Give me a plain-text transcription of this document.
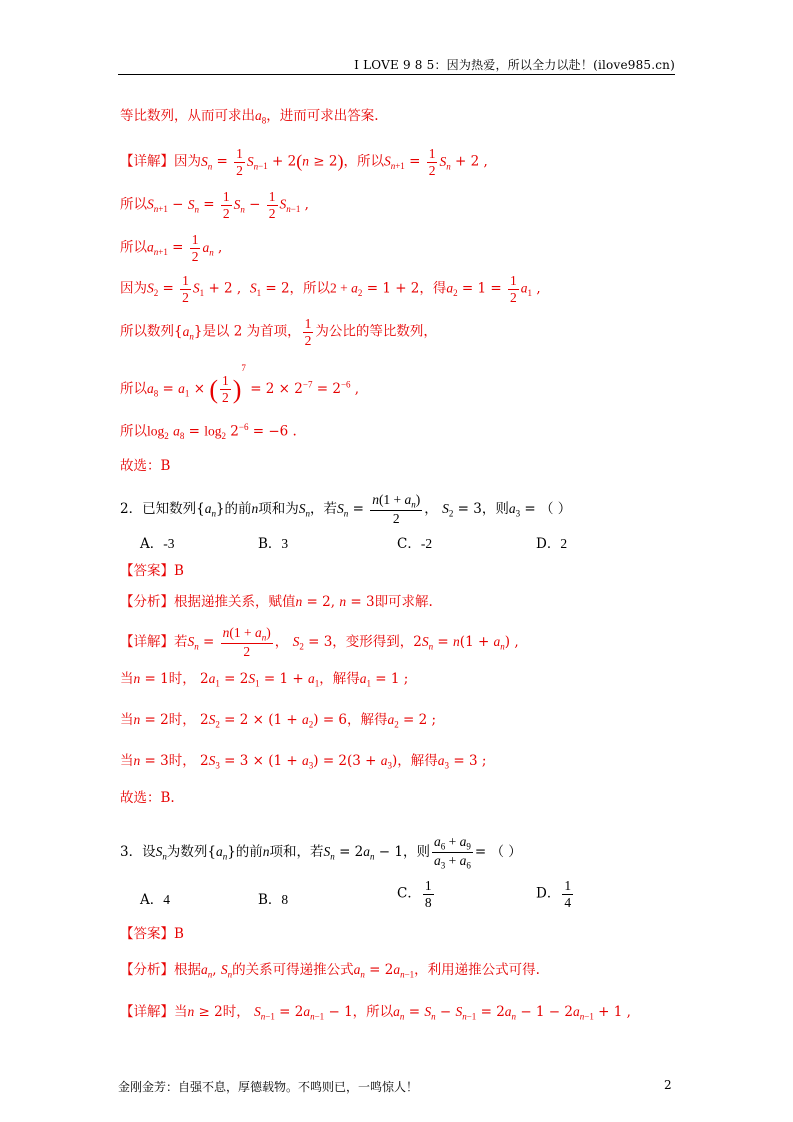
I LOVE 9 8 5：因为热爱，所以全力以赴！(ilove985.cn)
等比数列，从而可求出$a_8$，进而可求出答案.
【详解】因为$S_n = \frac{1}{2} S_{n-1} + 2(n \ge 2)$，所以$S_{n+1} = \frac{1}{2} S_n + 2$ ,
所以$S_{n+1} - S_n = \frac{1}{2} S_n - \frac{1}{2} S_{n-1}$ ,
所以$a_{n+1} = \frac{1}{2} a_n$ ,
因为$S_2 = \frac{1}{2} S_1 + 2$ ,  $S_1 = 2$，所以$2 + a_2 = 1 + 2$，得$a_2 = 1 = \frac{1}{2} a_1$ ,
所以数列$\{a_n\}$是以 2 为首项， $\frac{1}{2}$ 为公比的等比数列，
所以$a_8 = a_1$ × ( $\frac{1}{2} )^7 = 2 \times 2^{-7} = 2^{-6}$ ,
所以$\log_2 a_8 = \log_2 2^{-6} = -6$ .
故选：B
2．已知数列$\{a_n\}$的前n项和为$S_n$，若$S_n = \frac{n(1 + a_n)}{2}$ ， $S_2 = 3$，则$a_3$ = （ ）
A．-3	B．3	C．-2	D．2
【答案】B
【分析】根据递推关系，赋值n = 2, n = 3即可求解.
【详解】若$S_n = \frac{n(1 + a_n)}{2}$ ， $S_2 = 3$，变形得到，$2S_n = n(1 + a_n)$ ,
当n = 1时， $2a_1 = 2S_1 = 1 + a_1$，解得$a_1 = 1$ ;
当n = 2时， $2S_2 = 2 \times (1 + a_2) = 6$，解得$a_2 = 2$ ;
当n = 3时， $2S_3 = 3 \times (1 + a_3) = 2(3 + a_3)$，解得$a_3 = 3$ ;
故选：B.
3．设$S_n$为数列$\{a_n\}$的前n项和，若$S_n = 2a_n - 1$，则 $\frac{a_6 + a_9}{a_3 + a_6}$ = （ ）
A．4	B．8	C． $\frac{1}{8}$	D． $\frac{1}{4}$
【答案】B
【分析】根据$a_n$, $S_n$的关系可得递推公式$a_n = 2a_{n-1}$，利用递推公式可得.
【详解】当n ≥ 2时， $S_{n-1} = 2a_{n-1} - 1$，所以$a_n = S_n - S_{n-1} = 2a_n - 1 - 2a_{n-1} + 1$ ,
金刚金芳：自强不息，厚德载物。不鸣则已，一鸣惊人！	2
